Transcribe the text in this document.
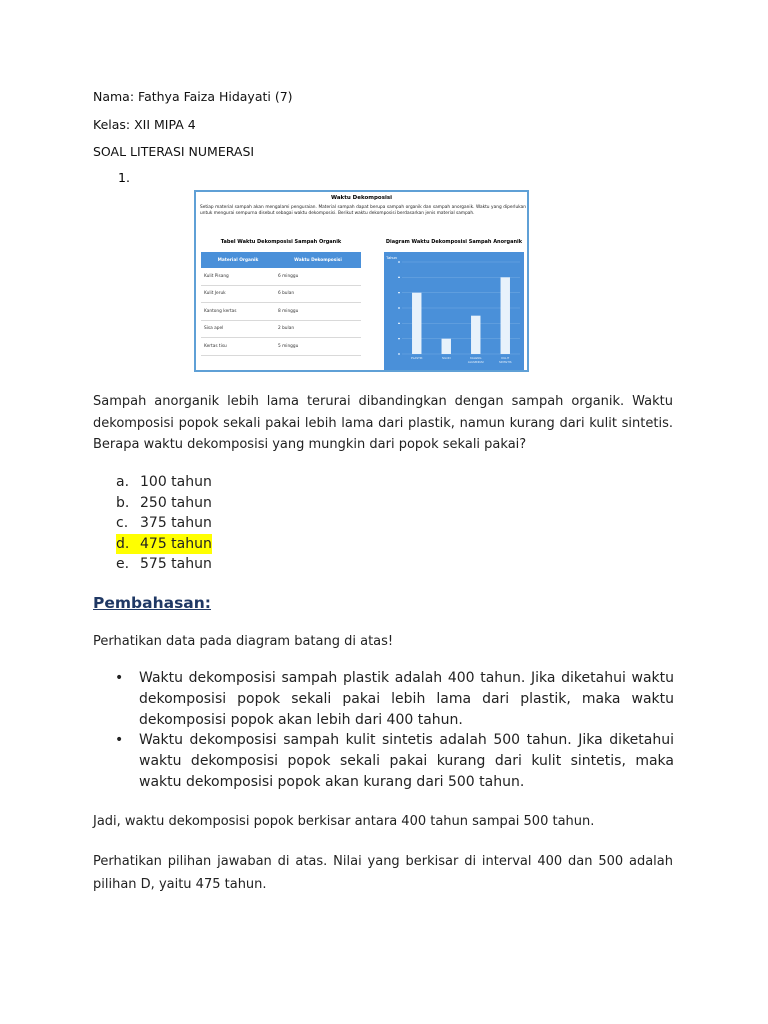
Nama: Fathya Faiza Hidayati (7)
Kelas: XII MIPA 4
SOAL LITERASI NUMERASI
1.
Waktu Dekomposisi
Setiap material sampah akan mengalami penguraian. Material sampah dapat berupa sampah organik dan sampah anorganik. Waktu yang diperlukan untuk mengurai sempurna disebut sebagai waktu dekomposisi. Berikut waktu dekomposisi berdasarkan jenis material sampah.
Tabel Waktu Dekomposisi Sampah Organik
Material Organik	Waktu Dekomposisi
Kulit Pisang	6 minggu
Kulit Jeruk	6 bulan
Kantong kertas	8 minggu
Sisa apel	2 bulan
Kertas tisu	5 minggu
Diagram Waktu Dekomposisi Sampah Anorganik
Tahun
PLASTIK	NILON	KALENG
ALUMINIUM
KULIT
SINTETIS
Sampah anorganik lebih lama terurai dibandingkan dengan sampah organik. Waktu dekomposisi popok sekali pakai lebih lama dari plastik, namun kurang dari kulit sintetis. Berapa waktu dekomposisi yang mungkin dari popok sekali pakai?
a. 100 tahun
b. 250 tahun
c. 375 tahun
d. 475 tahun
e. 575 tahun
Pembahasan:
Perhatikan data pada diagram batang di atas!
• Waktu dekomposisi sampah plastik adalah 400 tahun. Jika diketahui waktu dekomposisi popok sekali pakai lebih lama dari plastik, maka waktu dekomposisi popok akan lebih dari 400 tahun.
• Waktu dekomposisi sampah kulit sintetis adalah 500 tahun. Jika diketahui waktu dekomposisi popok sekali pakai kurang dari kulit sintetis, maka waktu dekomposisi popok akan kurang dari 500 tahun.
Jadi, waktu dekomposisi popok berkisar antara 400 tahun sampai 500 tahun.
Perhatikan pilihan jawaban di atas. Nilai yang berkisar di interval 400 dan 500 adalah pilihan D, yaitu 475 tahun.
